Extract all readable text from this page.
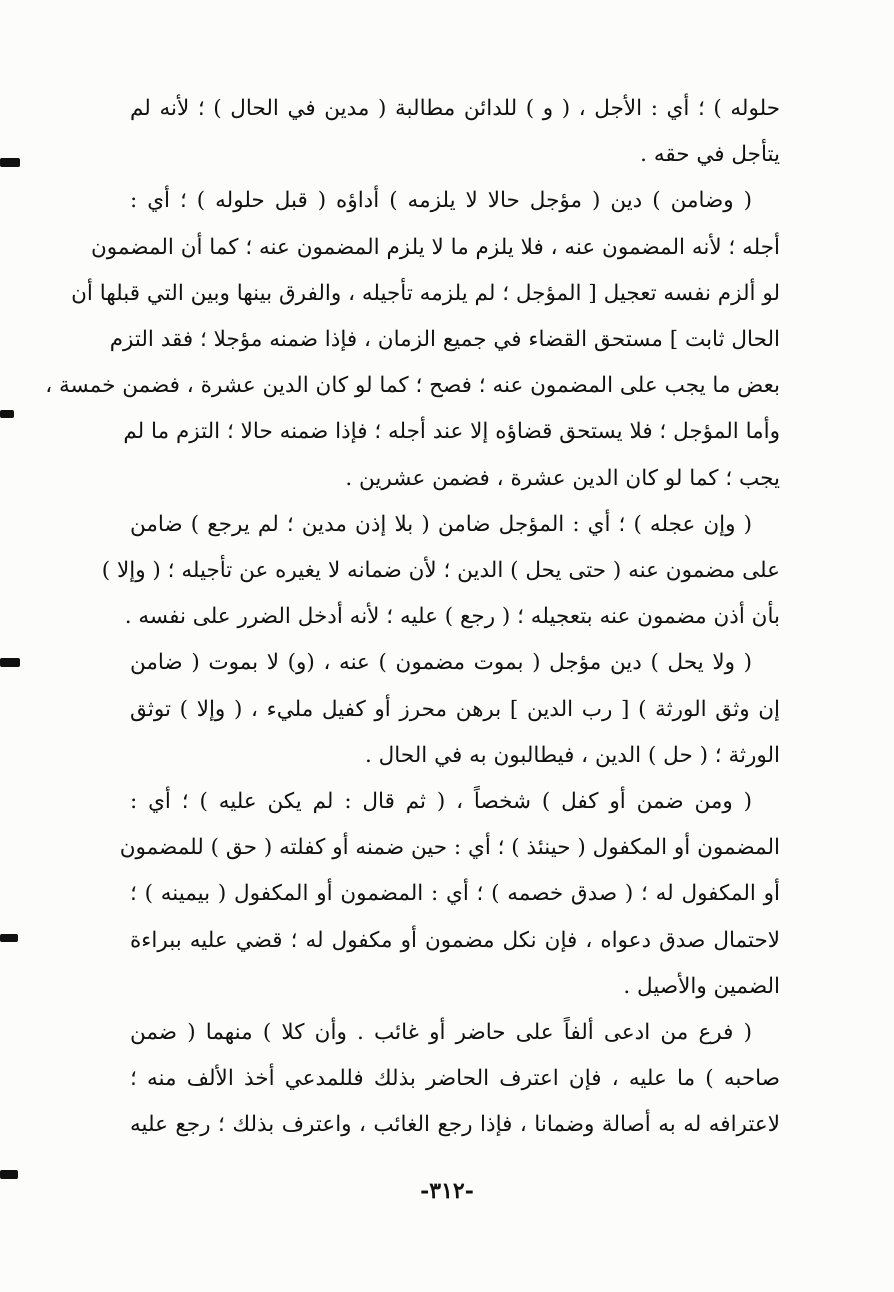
حلوله ) ؛ أي : الأجل ، ( و ) للدائن مطالبة ( مدين في الحال ) ؛ لأنه لم
يتأجل في حقه .
( وضامن ) دين ( مؤجل حالا لا يلزمه ) أداؤه ( قبل حلوله ) ؛ أي :
أجله ؛ لأنه المضمون عنه ، فلا يلزم ما لا يلزم المضمون عنه ؛ كما أن المضمون
لو ألزم نفسه تعجيل [ المؤجل ؛ لم يلزمه تأجيله ، والفرق بينها وبين التي قبلها أن
الحال ثابت ] مستحق القضاء في جميع الزمان ، فإذا ضمنه مؤجلا ؛ فقد التزم
بعض ما يجب على المضمون عنه ؛ فصح ؛ كما لو كان الدين عشرة ، فضمن خمسة ،
وأما المؤجل ؛ فلا يستحق قضاؤه إلا عند أجله ؛ فإذا ضمنه حالا ؛ التزم ما لم
يجب ؛ كما لو كان الدين عشرة ، فضمن عشرين .
( وإن عجله ) ؛ أي : المؤجل ضامن ( بلا إذن مدين ؛ لم يرجع ) ضامن
على مضمون عنه ( حتى يحل ) الدين ؛ لأن ضمانه لا يغيره عن تأجيله ؛ ( وإلا )
بأن أذن مضمون عنه بتعجيله ؛ ( رجع ) عليه ؛ لأنه أدخل الضرر على نفسه .
( ولا يحل ) دين مؤجل ( بموت مضمون ) عنه ، (و) لا بموت ( ضامن
إن وثق الورثة ) [ رب الدين ] برهن محرز أو كفيل مليء ، ( وإلا ) توثق
الورثة ؛ ( حل ) الدين ، فيطالبون به في الحال .
( ومن ضمن أو كفل ) شخصاً ، ( ثم قال : لم يكن عليه ) ؛ أي :
المضمون أو المكفول ( حينئذ ) ؛ أي : حين ضمنه أو كفلته ( حق ) للمضمون
أو المكفول له ؛ ( صدق خصمه ) ؛ أي : المضمون أو المكفول ( بيمينه ) ؛
لاحتمال صدق دعواه ، فإن نكل مضمون أو مكفول له ؛ قضي عليه ببراءة
الضمين والأصيل .
( فرع من ادعى ألفاً على حاضر أو غائب . وأن كلا ) منهما ( ضمن
صاحبه ) ما عليه ، فإن اعترف الحاضر بذلك فللمدعي أخذ الألف منه ؛
لاعترافه له به أصالة وضمانا ، فإذا رجع الغائب ، واعترف بذلك ؛ رجع عليه
-٣١٢-
